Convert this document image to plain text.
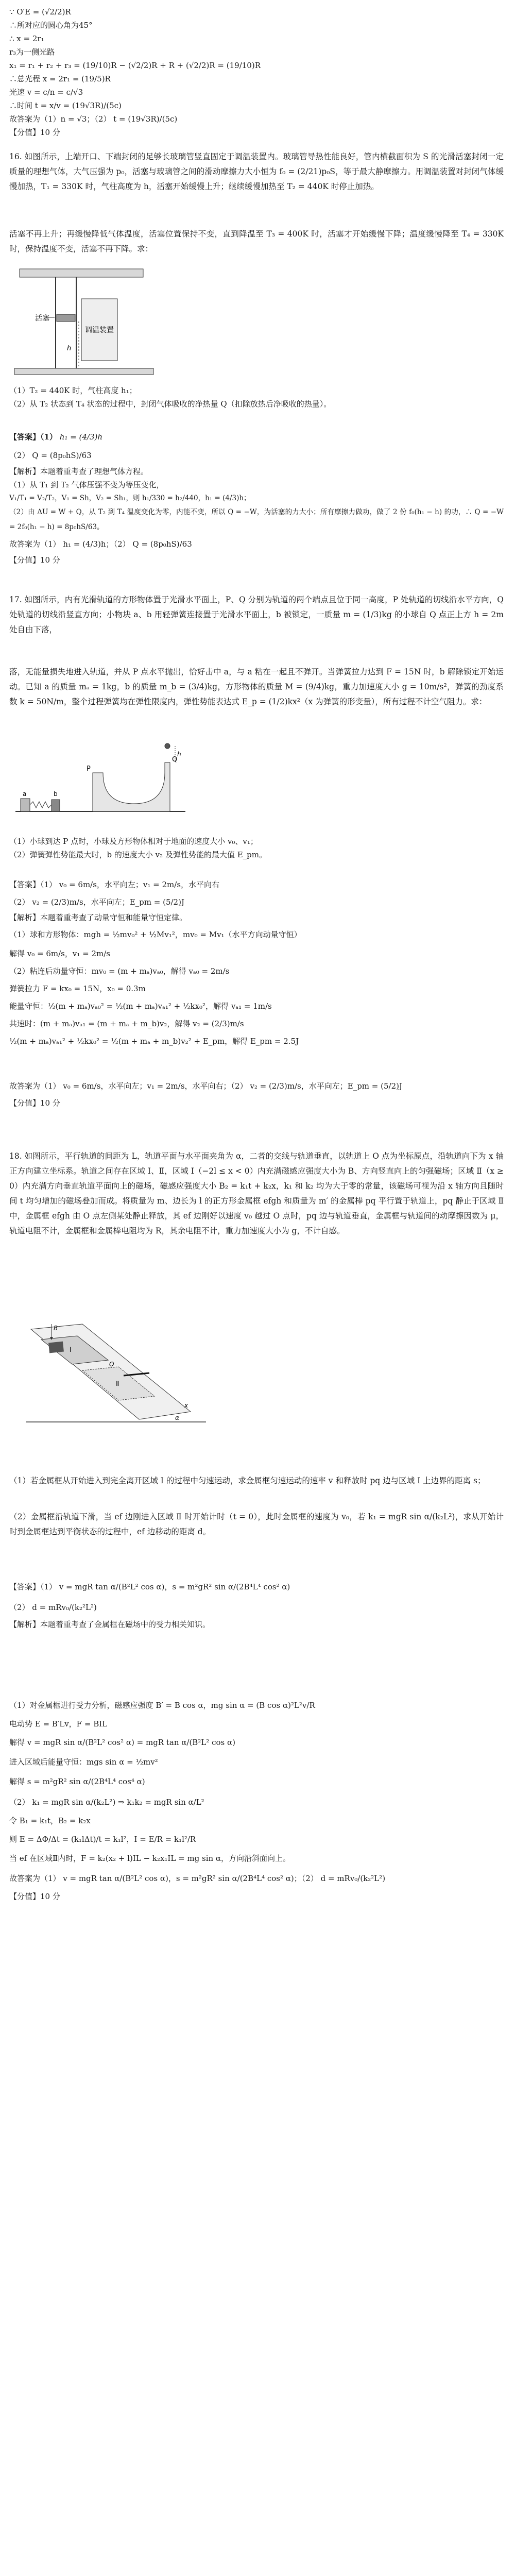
∵ O′E = (√2/2)R
∴所对应的圆心角为45°
∴ x = 2r₁
r₃为一侧光路
x₁ = r₁ + r₂ + r₃ = (19/10)R − (√2/2)R + R + (√2/2)R = (19/10)R
∴总光程 x = 2r₁ = (19/5)R
光速 v = c/n = c/√3
∴时间 t = x/v = (19√3R)/(5c)
故答案为（1）n = √3；（2） t = (19√3R)/(5c)
【分值】10 分
16. 如图所示，上端开口、下端封闭的足够长玻璃管竖直固定于调温装置内。玻璃管导热性能良好，管内横截面积为 S 的光滑活塞封闭一定质量的理想气体，大气压强为 p₀，活塞与玻璃管之间的滑动摩擦力大小恒为 f₀ = (2/21)p₀S，等于最大静摩擦力。用调温装置对封闭气体缓慢加热，T₁ = 330K 时，气柱高度为 h，活塞开始缓慢上升；继续缓慢加热至 T₂ = 440K 时停止加热。
活塞不再上升；再缓慢降低气体温度，活塞位置保持不变，直到降温至 T₃ = 400K 时，活塞才开始缓慢下降；温度缓慢降至 T₄ = 330K 时，保持温度不变，活塞不再下降。求：
调温装置
活塞
h
（1）T₂ = 440K 时，气柱高度 h₁；
（2）从 T₂ 状态到 T₄ 状态的过程中，封闭气体吸收的净热量 Q（扣除放热后净吸收的热量）。
【答案】（1） h₁ = (4/3)h
（2） Q = (8p₀hS)/63
【解析】本题着重考查了理想气体方程。
（1）从 T₁ 到 T₂ 气体压强不变为等压变化，
V₁/T₁ = V₂/T₂，V₁ = Sh，V₂ = Sh₁，则 h₁/330 = h₂/440，h₁ = (4/3)h；
（2）由 ΔU = W + Q，从 T₂ 到 T₄ 温度变化为零，内能不变，所以 Q = −W，为活塞的力大小；所有摩擦力做功，做了 2 份 f₀(h₁ − h) 的功，∴ Q = −W = 2f₀(h₁ − h) = 8p₀hS/63。
故答案为（1） h₁ = (4/3)h；（2） Q = (8p₀hS)/63
【分值】10 分
17. 如图所示，内有光滑轨道的方形物体置于光滑水平面上，P、Q 分别为轨道的两个端点且位于同一高度，P 处轨道的切线沿水平方向，Q 处轨道的切线沿竖直方向；小物块 a、b 用轻弹簧连接置于光滑水平面上，b 被锁定，一质量 m = (1/3)kg 的小球自 Q 点正上方 h = 2m 处自由下落，
落，无能量损失地进入轨道，并从 P 点水平抛出，恰好击中 a，与 a 粘在一起且不弹开。当弹簧拉力达到 F = 15N 时，b 解除锁定开始运动。已知 a 的质量 mₐ = 1kg，b 的质量 m_b = (3/4)kg，方形物体的质量 M = (9/4)kg，重力加速度大小 g = 10m/s²，弹簧的劲度系数 k = 50N/m，整个过程弹簧均在弹性限度内，弹性势能表达式 E_p = (1/2)kx²（x 为弹簧的形变量），所有过程不计空气阻力。求：
a	b
P
Q
h
（1）小球到达 P 点时，小球及方形物体相对于地面的速度大小 v₀、v₁；
（2）弹簧弹性势能最大时，b 的速度大小 v₂ 及弹性势能的最大值 E_pm。
【答案】（1） v₀ = 6m/s，水平向左；v₁ = 2m/s，水平向右
（2） v₂ = (2/3)m/s，水平向左；E_pm = (5/2)J
【解析】本题着重考查了动量守恒和能量守恒定律。
（1）球和方形物体：mgh = ½mv₀² + ½Mv₁²，mv₀ = Mv₁（水平方向动量守恒）
解得 v₀ = 6m/s，v₁ = 2m/s
（2）粘连后动量守恒：mv₀ = (m + mₐ)vₐ₀，解得 vₐ₀ = 2m/s
弹簧拉力 F = kx₀ = 15N，x₀ = 0.3m
能量守恒：½(m + mₐ)vₐ₀² = ½(m + mₐ)vₐ₁² + ½kx₀²，解得 vₐ₁ = 1m/s
共速时：(m + mₐ)vₐ₁ = (m + mₐ + m_b)v₂，解得 v₂ = (2/3)m/s
½(m + mₐ)vₐ₁² + ½kx₀² = ½(m + mₐ + m_b)v₂² + E_pm，解得 E_pm = 2.5J
故答案为（1） v₀ = 6m/s，水平向左；v₁ = 2m/s，水平向右；（2） v₂ = (2/3)m/s，水平向左；E_pm = (5/2)J
【分值】10 分
18. 如图所示，平行轨道的间距为 L，轨道平面与水平面夹角为 α，二者的交线与轨道垂直，以轨道上 O 点为坐标原点，沿轨道向下为 x 轴正方向建立坐标系。轨道之间存在区域 Ⅰ、Ⅱ，区域 Ⅰ（−2l ≤ x < 0）内充满磁感应强度大小为 B、方向竖直向上的匀强磁场；区域 Ⅱ（x ≥ 0）内充满方向垂直轨道平面向上的磁场，磁感应强度大小 B₂ = k₁t + k₂x，k₁ 和 k₂ 均为大于零的常量，该磁场可视为沿 x 轴方向且随时间 t 均匀增加的磁场叠加而成。将质量为 m、边长为 l 的正方形金属框 efgh 和质量为 m′ 的金属棒 pq 平行置于轨道上，pq 静止于区域 Ⅱ 中，金属框 efgh 由 O 点左侧某处静止释放，其 ef 边刚好以速度 v₀ 越过 O 点时，pq 边与轨道垂直，金属框与轨道间的动摩擦因数为 μ，轨道电阻不计，金属框和金属棒电阻均为 R，其余电阻不计，重力加速度大小为 g，不计自感。
Ⅰ
Ⅱ
B
O
x
α
（1）若金属框从开始进入到完全离开区域 Ⅰ 的过程中匀速运动，求金属框匀速运动的速率 v 和释放时 pq 边与区域 Ⅰ 上边界的距离 s；
（2）金属框沿轨道下滑，当 ef 边刚进入区域 Ⅱ 时开始计时（t = 0），此时金属框的速度为 v₀，若 k₁ = mgR sin α/(k₂L²)，求从开始计时到金属框达到平衡状态的过程中，ef 边移动的距离 d。
【答案】（1） v = mgR tan α/(B²L² cos α)，s = m²gR² sin α/(2B⁴L⁴ cos² α)
（2） d = mRv₀/(k₂²L²)
【解析】本题着重考查了金属框在磁场中的受力相关知识。
（1）对金属框进行受力分析，磁感应强度 B′ = B cos α，mg sin α = (B cos α)²L²v/R
电动势 E = B′Lv，F = BIL
解得 v = mgR sin α/(B²L² cos² α) = mgR tan α/(B²L² cos α)
进入区域后能量守恒：mgs sin α = ½mv²
解得 s = m²gR² sin α/(2B⁴L⁴ cos⁴ α)
（2） k₁ = mgR sin α/(k₂L²) ⇒ k₁k₂ = mgR sin α/L²
令 B₁ = k₁t，B₂ = k₂x
则 E = ΔΦ/Δt = (k₁lΔt)/t = k₁l²，I = E/R = k₁l²/R
当 ef 在区域Ⅱ内时，F = k₂(x₂ + l)IL − k₂x₁IL = mg sin α，方向沿斜面向上。
故答案为（1） v = mgR tan α/(B²L² cos α)，s = m²gR² sin α/(2B⁴L⁴ cos² α)；（2） d = mRv₀/(k₂²L²)
【分值】10 分
